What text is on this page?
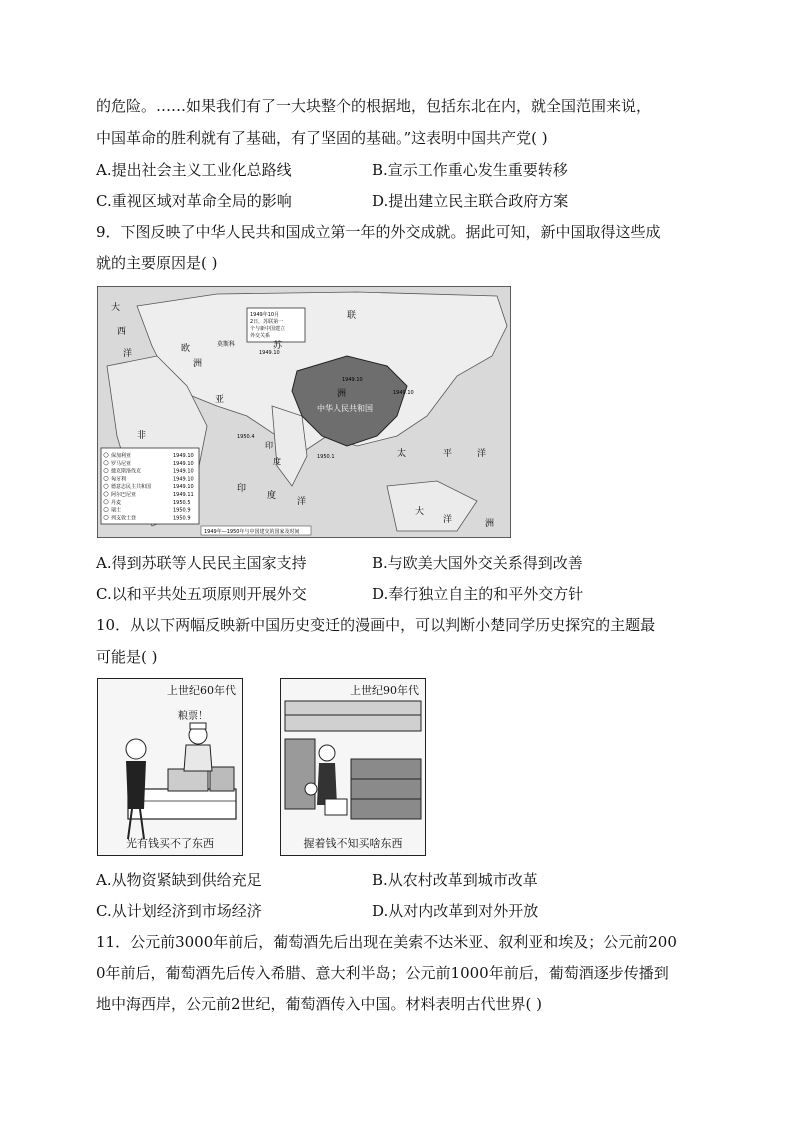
的危险。……如果我们有了一大块整个的根据地，包括东北在内，就全国范围来说，
中国革命的胜利就有了基础，有了坚固的基础。”这表明中国共产党( )
A.提出社会主义工业化总路线	B.宣示工作重心发生重要转移
C.重视区域对革命全局的影响	D.提出建立民主联合政府方案
9．下图反映了中华人民共和国成立第一年的外交成就。据此可知，新中国取得这些成
就的主要原因是( )
1949年10月
2日，苏联第一
个与新中国建立
外交关系
大
西
洋	欧
洲
非
亚
洲
印
度
洋
太	平	洋
大
洋	洲
苏
联
莫斯科
中华人民共和国
印
度
1949.10
1949.10
1949.10
1950.4
1950.1
保加利亚	1949.10
罗马尼亚	1949.10
捷克斯洛伐克	1949.10
匈牙利	1949.10
德意志民主共和国	1949.10
阿尔巴尼亚	1949.11
丹麦	1950.5
瑞士	1950.9
列支敦士登	1950.9
1949年—1950年与中国建交的国家及时间
A.得到苏联等人民民主国家支持	B.与欧美大国外交关系得到改善
C.以和平共处五项原则开展外交	D.奉行独立自主的和平外交方针
10．从以下两幅反映新中国历史变迁的漫画中，可以判断小楚同学历史探究的主题最
可能是( )
上世纪60年代
粮票！
光有钱买不了东西
上世纪90年代
握着钱不知买啥东西
A.从物资紧缺到供给充足	B.从农村改革到城市改革
C.从计划经济到市场经济	D.从对内改革到对外开放
11．公元前3000年前后，葡萄酒先后出现在美索不达米亚、叙利亚和埃及；公元前200
0年前后，葡萄酒先后传入希腊、意大利半岛；公元前1000年前后，葡萄酒逐步传播到
地中海西岸，公元前2世纪，葡萄酒传入中国。材料表明古代世界( )
